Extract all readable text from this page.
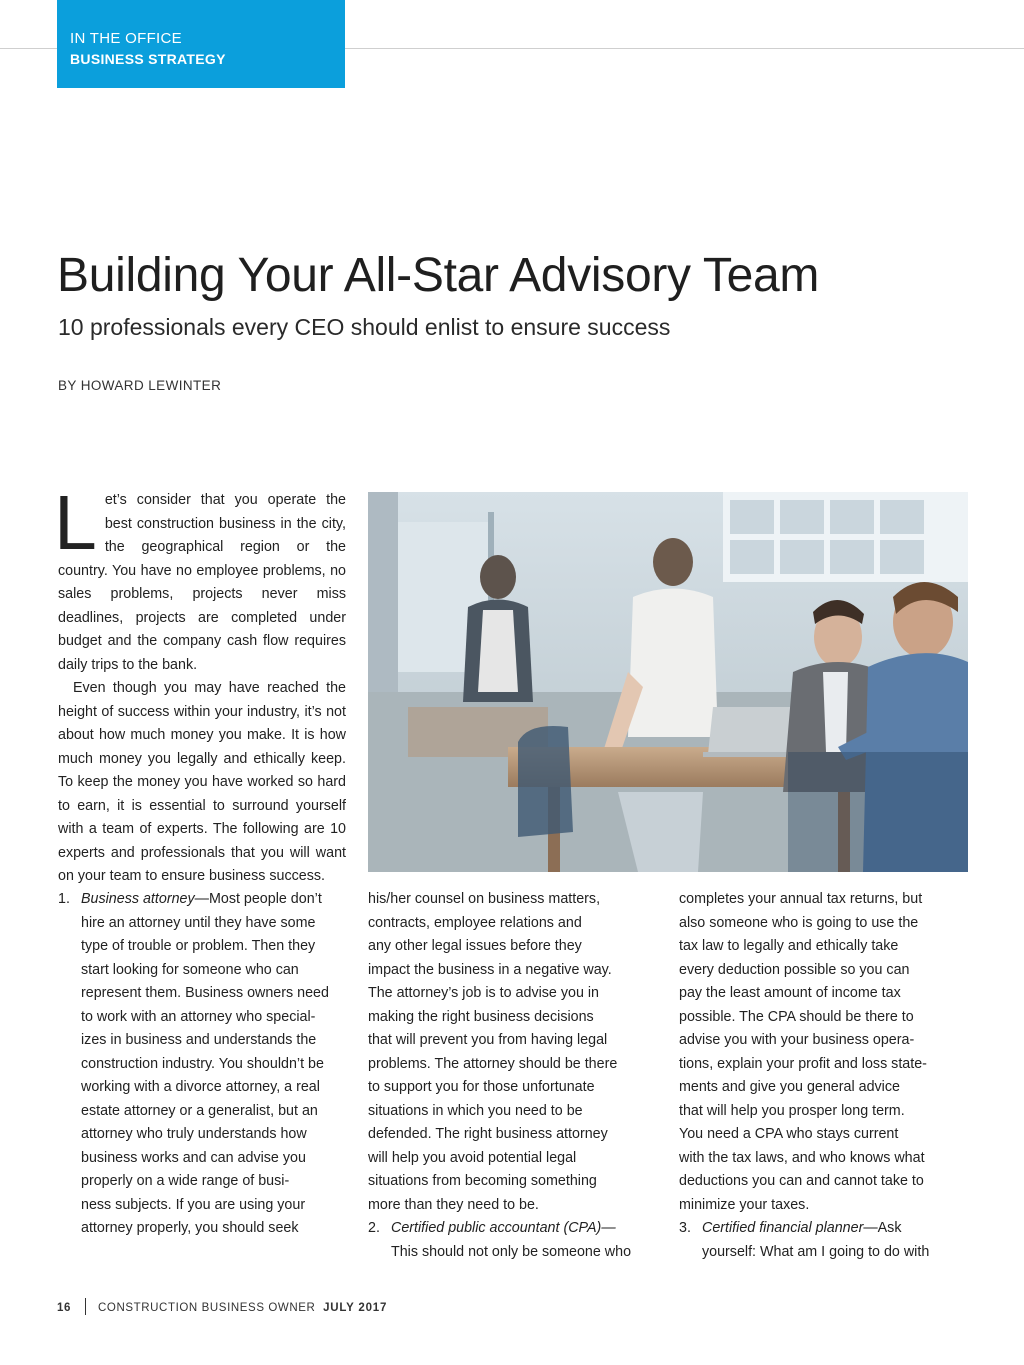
IN THE OFFICE
BUSINESS STRATEGY
Building Your All-Star Advisory Team
10 professionals every CEO should enlist to ensure success
BY HOWARD LEWINTER
L et’s consider that you operate the best construction business in the city, the geographical region or the country. You have no employee problems, no sales problems, projects never miss deadlines, projects are completed under budget and the company cash flow requires daily trips to the bank.

Even though you may have reached the height of success within your industry, it’s not about how much money you make. It is how much money you legally and ethically keep. To keep the money you have worked so hard to earn, it is essential to surround yourself with a team of experts. The following are 10 experts and professionals that you will want on your team to ensure business success.

1. Business attorney—Most people don’t
hire an attorney until they have some
type of trouble or problem. Then they
start looking for someone who can
represent them. Business owners need
to work with an attorney who special-
izes in business and understands the
construction industry. You shouldn’t be
working with a divorce attorney, a real
estate attorney or a generalist, but an
attorney who truly understands how
business works and can advise you
properly on a wide range of busi-
ness subjects. If you are using your
attorney properly, you should seek
his/her counsel on business matters,
contracts, employee relations and
any other legal issues before they
impact the business in a negative way.
The attorney’s job is to advise you in
making the right business decisions
that will prevent you from having legal
problems. The attorney should be there
to support you for those unfortunate
situations in which you need to be
defended. The right business attorney
will help you avoid potential legal
situations from becoming something
more than they need to be.
2. Certified public accountant (CPA)—
This should not only be someone who
completes your annual tax returns, but
also someone who is going to use the
tax law to legally and ethically take
every deduction possible so you can
pay the least amount of income tax
possible. The CPA should be there to
advise you with your business opera-
tions, explain your profit and loss state-
ments and give you general advice
that will help you prosper long term.
You need a CPA who stays current
with the tax laws, and who knows what
deductions you can and cannot take to
minimize your taxes.
3. Certified financial planner—Ask
yourself: What am I going to do with
16 CONSTRUCTION BUSINESS OWNER JULY 2017
